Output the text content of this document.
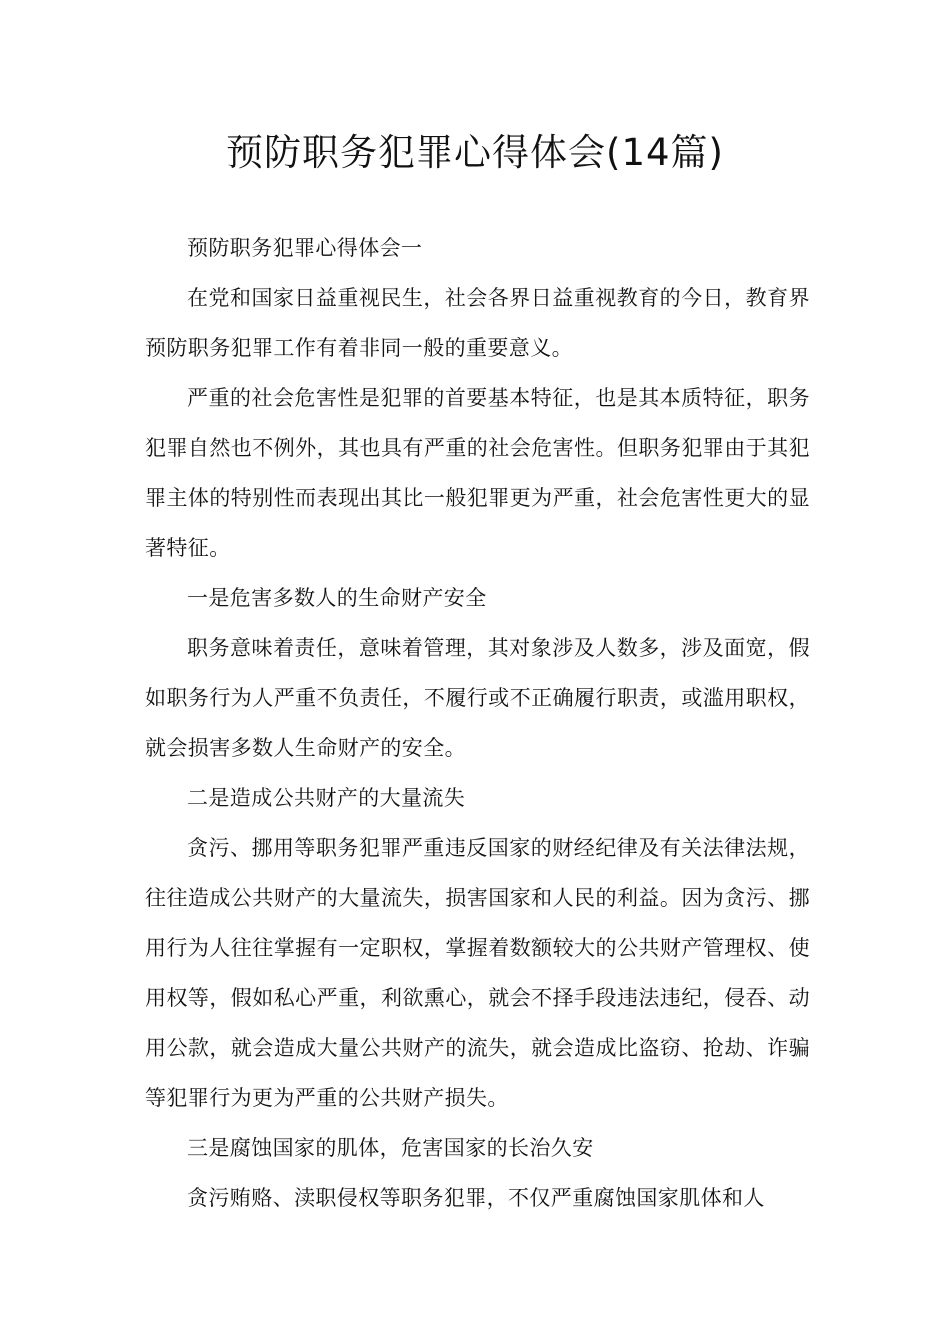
预防职务犯罪心得体会(14篇)

预防职务犯罪心得体会一

在党和国家日益重视民生，社会各界日益重视教育的今日，教育界预防职务犯罪工作有着非同一般的重要意义。

严重的社会危害性是犯罪的首要基本特征，也是其本质特征，职务犯罪自然也不例外，其也具有严重的社会危害性。但职务犯罪由于其犯罪主体的特别性而表现出其比一般犯罪更为严重，社会危害性更大的显著特征。

一是危害多数人的生命财产安全

职务意味着责任，意味着管理，其对象涉及人数多，涉及面宽，假如职务行为人严重不负责任，不履行或不正确履行职责，或滥用职权，就会损害多数人生命财产的安全。

二是造成公共财产的大量流失

贪污、挪用等职务犯罪严重违反国家的财经纪律及有关法律法规，往往造成公共财产的大量流失，损害国家和人民的利益。因为贪污、挪用行为人往往掌握有一定职权，掌握着数额较大的公共财产管理权、使用权等，假如私心严重，利欲熏心，就会不择手段违法违纪，侵吞、动用公款，就会造成大量公共财产的流失，就会造成比盗窃、抢劫、诈骗等犯罪行为更为严重的公共财产损失。

三是腐蚀国家的肌体，危害国家的长治久安

贪污贿赂、渎职侵权等职务犯罪，不仅严重腐蚀国家肌体和人
